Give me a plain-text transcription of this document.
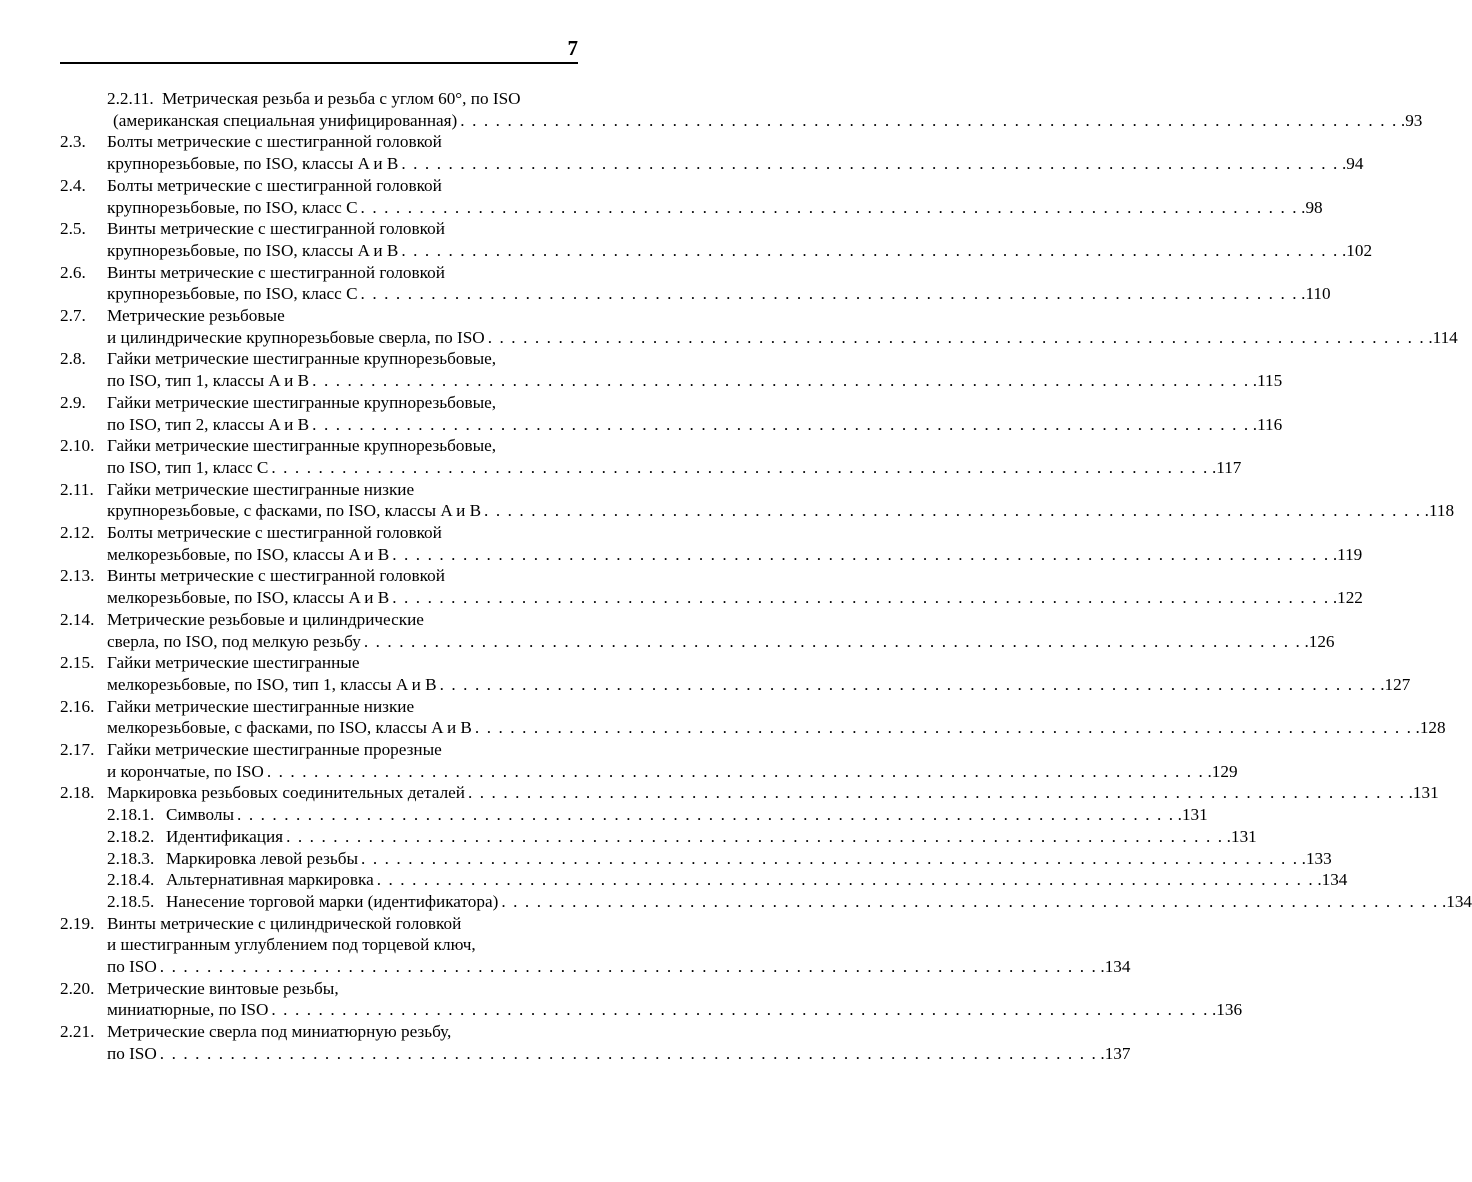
7
2.2.11. Метрическая резьба и резьба с углом 60°, по ISO
(американская специальная унифицированная) . . . . . . . . . . . . . . . . . . . . . . . . . . . . . . . . . . . . . . . . . . . . . . . . . . . . . . . . . . . . . . . . . . . . . . . . . . . . . . . . . 93
2.3. Болты метрические с шестигранной головкой
крупнорезьбовые, по ISO, классы A и B . . . . . . . . . . . . . . . . . . . . . . . . . . . . . . . . . . . . . . . . . . . . . . . . . . . . . . . . . . . . . . . . . . . . . . . . . . . . . . . . . 94
2.4. Болты метрические с шестигранной головкой
крупнорезьбовые, по ISO, класс C . . . . . . . . . . . . . . . . . . . . . . . . . . . . . . . . . . . . . . . . . . . . . . . . . . . . . . . . . . . . . . . . . . . . . . . . . . . . . . . . . 98
2.5. Винты метрические с шестигранной головкой
крупнорезьбовые, по ISO, классы A и B . . . . . . . . . . . . . . . . . . . . . . . . . . . . . . . . . . . . . . . . . . . . . . . . . . . . . . . . . . . . . . . . . . . . . . . . . . . . . . . . . 102
2.6. Винты метрические с шестигранной головкой
крупнорезьбовые, по ISO, класс C . . . . . . . . . . . . . . . . . . . . . . . . . . . . . . . . . . . . . . . . . . . . . . . . . . . . . . . . . . . . . . . . . . . . . . . . . . . . . . . . . 110
2.7. Метрические резьбовые
и цилиндрические крупнорезьбовые сверла, по ISO . . . . . . . . . . . . . . . . . . . . . . . . . . . . . . . . . . . . . . . . . . . . . . . . . . . . . . . . . . . . . . . . . . . . . . . . . . . . . . . . . 114
2.8. Гайки метрические шестигранные крупнорезьбовые,
по ISO, тип 1, классы A и B . . . . . . . . . . . . . . . . . . . . . . . . . . . . . . . . . . . . . . . . . . . . . . . . . . . . . . . . . . . . . . . . . . . . . . . . . . . . . . . . . 115
2.9. Гайки метрические шестигранные крупнорезьбовые,
по ISO, тип 2, классы A и B . . . . . . . . . . . . . . . . . . . . . . . . . . . . . . . . . . . . . . . . . . . . . . . . . . . . . . . . . . . . . . . . . . . . . . . . . . . . . . . . . 116
2.10. Гайки метрические шестигранные крупнорезьбовые,
по ISO, тип 1, класс C . . . . . . . . . . . . . . . . . . . . . . . . . . . . . . . . . . . . . . . . . . . . . . . . . . . . . . . . . . . . . . . . . . . . . . . . . . . . . . . . . 117
2.11. Гайки метрические шестигранные низкие
крупнорезьбовые, с фасками, по ISO, классы A и B . . . . . . . . . . . . . . . . . . . . . . . . . . . . . . . . . . . . . . . . . . . . . . . . . . . . . . . . . . . . . . . . . . . . . . . . . . . . . . . . . 118
2.12. Болты метрические с шестигранной головкой
мелкорезьбовые, по ISO, классы A и B . . . . . . . . . . . . . . . . . . . . . . . . . . . . . . . . . . . . . . . . . . . . . . . . . . . . . . . . . . . . . . . . . . . . . . . . . . . . . . . . . 119
2.13. Винты метрические с шестигранной головкой
мелкорезьбовые, по ISO, классы A и B . . . . . . . . . . . . . . . . . . . . . . . . . . . . . . . . . . . . . . . . . . . . . . . . . . . . . . . . . . . . . . . . . . . . . . . . . . . . . . . . . 122
2.14. Метрические резьбовые и цилиндрические
сверла, по ISO, под мелкую резьбу . . . . . . . . . . . . . . . . . . . . . . . . . . . . . . . . . . . . . . . . . . . . . . . . . . . . . . . . . . . . . . . . . . . . . . . . . . . . . . . . . 126
2.15. Гайки метрические шестигранные
мелкорезьбовые, по ISO, тип 1, классы A и B . . . . . . . . . . . . . . . . . . . . . . . . . . . . . . . . . . . . . . . . . . . . . . . . . . . . . . . . . . . . . . . . . . . . . . . . . . . . . . . . . 127
2.16. Гайки метрические шестигранные низкие
мелкорезьбовые, с фасками, по ISO, классы A и B . . . . . . . . . . . . . . . . . . . . . . . . . . . . . . . . . . . . . . . . . . . . . . . . . . . . . . . . . . . . . . . . . . . . . . . . . . . . . . . . . 128
2.17. Гайки метрические шестигранные прорезные
и корончатые, по ISO . . . . . . . . . . . . . . . . . . . . . . . . . . . . . . . . . . . . . . . . . . . . . . . . . . . . . . . . . . . . . . . . . . . . . . . . . . . . . . . . . 129
2.18. Маркировка резьбовых соединительных деталей . . . . . . . . . . . . . . . . . . . . . . . . . . . . . . . . . . . . . . . . . . . . . . . . . . . . . . . . . . . . . . . . . . . . . . . . . . . . . . . . . 131
2.18.1. Символы . . . . . . . . . . . . . . . . . . . . . . . . . . . . . . . . . . . . . . . . . . . . . . . . . . . . . . . . . . . . . . . . . . . . . . . . . . . . . . . . . 131
2.18.2. Идентификация . . . . . . . . . . . . . . . . . . . . . . . . . . . . . . . . . . . . . . . . . . . . . . . . . . . . . . . . . . . . . . . . . . . . . . . . . . . . . . . . . 131
2.18.3. Маркировка левой резьбы . . . . . . . . . . . . . . . . . . . . . . . . . . . . . . . . . . . . . . . . . . . . . . . . . . . . . . . . . . . . . . . . . . . . . . . . . . . . . . . . . 133
2.18.4. Альтернативная маркировка . . . . . . . . . . . . . . . . . . . . . . . . . . . . . . . . . . . . . . . . . . . . . . . . . . . . . . . . . . . . . . . . . . . . . . . . . . . . . . . . . 134
2.18.5. Нанесение торговой марки (идентификатора) . . . . . . . . . . . . . . . . . . . . . . . . . . . . . . . . . . . . . . . . . . . . . . . . . . . . . . . . . . . . . . . . . . . . . . . . . . . . . . . . . 134
2.19. Винты метрические с цилиндрической головкой
и шестигранным углублением под торцевой ключ,
по ISO . . . . . . . . . . . . . . . . . . . . . . . . . . . . . . . . . . . . . . . . . . . . . . . . . . . . . . . . . . . . . . . . . . . . . . . . . . . . . . . . . 134
2.20. Метрические винтовые резьбы,
миниатюрные, по ISO . . . . . . . . . . . . . . . . . . . . . . . . . . . . . . . . . . . . . . . . . . . . . . . . . . . . . . . . . . . . . . . . . . . . . . . . . . . . . . . . . 136
2.21. Метрические сверла под миниатюрную резьбу,
по ISO . . . . . . . . . . . . . . . . . . . . . . . . . . . . . . . . . . . . . . . . . . . . . . . . . . . . . . . . . . . . . . . . . . . . . . . . . . . . . . . . . 137
